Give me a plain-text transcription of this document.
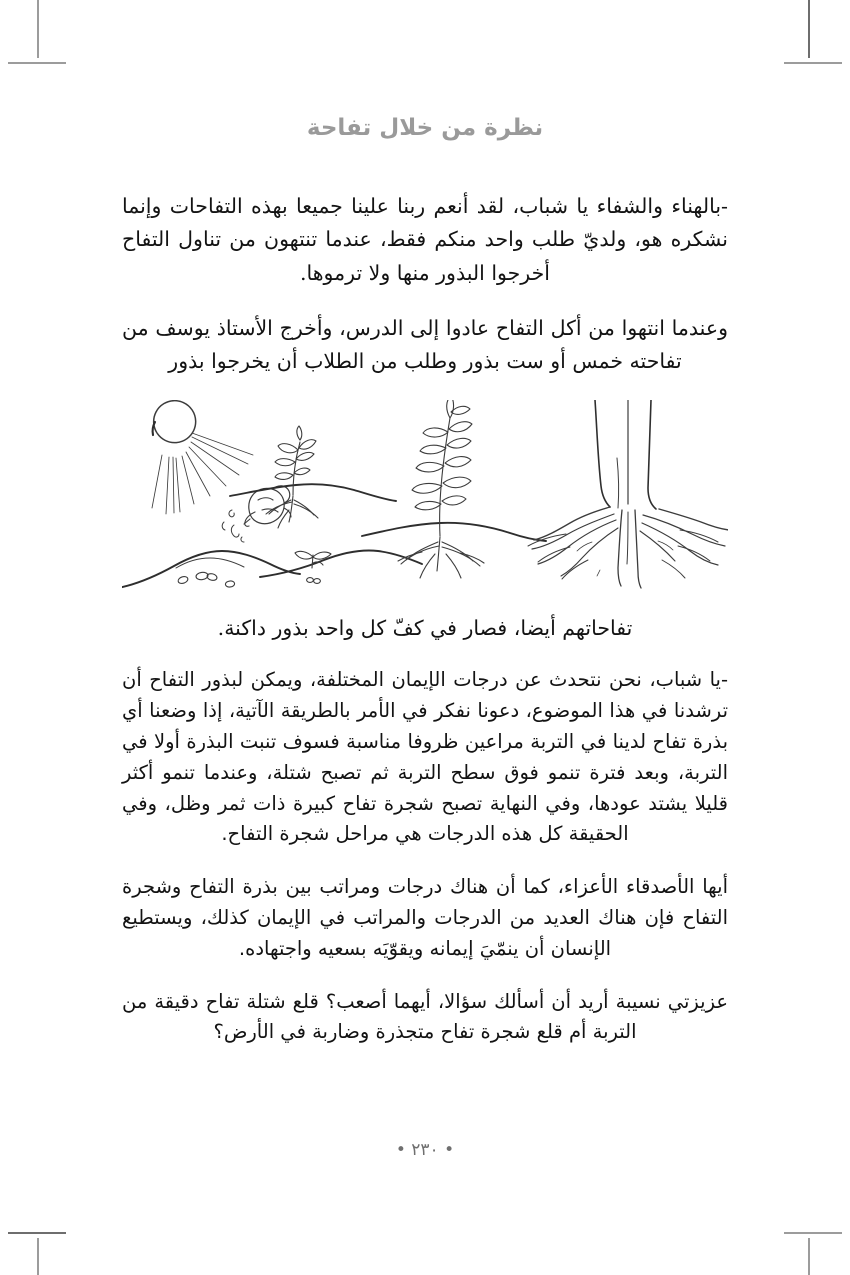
نظرة من خلال تفاحة

-بالهناء والشفاء يا شباب، لقد أنعم ربنا علينا جميعا بهذه التفاحات وإنما نشكره هو، ولديّ طلب واحد منكم فقط، عندما تنتهون من تناول التفاح أخرجوا البذور منها ولا ترموها.

وعندما انتهوا من أكل التفاح عادوا إلى الدرس، وأخرج الأستاذ يوسف من تفاحته خمس أو ست بذور وطلب من الطلاب أن يخرجوا بذور

تفاحاتهم أيضا، فصار في كفّ كل واحد بذور داكنة.

-يا شباب، نحن نتحدث عن درجات الإيمان المختلفة، ويمكن لبذور التفاح أن ترشدنا في هذا الموضوع، دعونا نفكر في الأمر بالطريقة الآتية، إذا وضعنا أي بذرة تفاح لدينا في التربة مراعين ظروفا مناسبة فسوف تنبت البذرة أولا في التربة، وبعد فترة تنمو فوق سطح التربة ثم تصبح شتلة، وعندما تنمو أكثر قليلا يشتد عودها، وفي النهاية تصبح شجرة تفاح كبيرة ذات ثمر وظل، وفي الحقيقة كل هذه الدرجات هي مراحل شجرة التفاح.

أيها الأصدقاء الأعزاء، كما أن هناك درجات ومراتب بين بذرة التفاح وشجرة التفاح فإن هناك العديد من الدرجات والمراتب في الإيمان كذلك، ويستطيع الإنسان أن ينمّيَ إيمانه ويقوّيَه بسعيه واجتهاده.

عزيزتي نسيبة أريد أن أسألك سؤالا، أيهما أصعب؟ قلع شتلة تفاح دقيقة من التربة أم قلع شجرة تفاح متجذرة وضاربة في الأرض؟

• ٢٣٠ •
